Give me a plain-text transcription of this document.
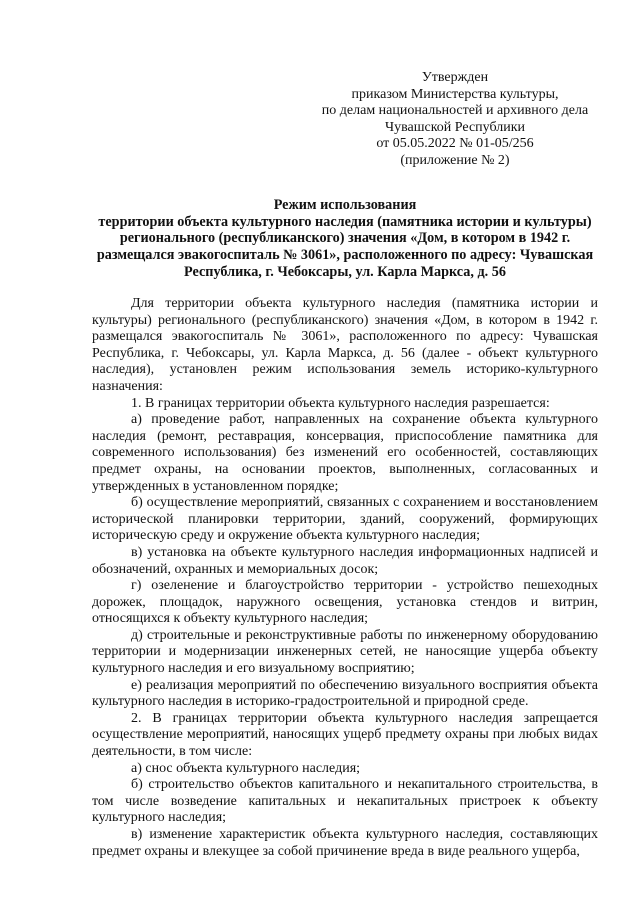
Утвержден
приказом Министерства культуры,
по делам национальностей и архивного дела
Чувашской Республики
от 05.05.2022 № 01-05/256
(приложение № 2)
Режим использования
территории объекта культурного наследия (памятника истории и культуры)
регионального (республиканского) значения «Дом, в котором в 1942 г.
размещался эвакогоспиталь № 3061», расположенного по адресу: Чувашская
Республика, г. Чебоксары, ул. Карла Маркса, д. 56

Для территории объекта культурного наследия (памятника истории и культуры) регионального (республиканского) значения «Дом, в котором в 1942 г. размещался эвакогоспиталь № 3061», расположенного по адресу: Чувашская Республика, г. Чебоксары, ул. Карла Маркса, д. 56 (далее - объект культурного наследия), установлен режим использования земель историко-культурного назначения:

1. В границах территории объекта культурного наследия разрешается:

а) проведение работ, направленных на сохранение объекта культурного наследия (ремонт, реставрация, консервация, приспособление памятника для современного использования) без изменений его особенностей, составляющих предмет охраны, на основании проектов, выполненных, согласованных и утвержденных в установленном порядке;

б) осуществление мероприятий, связанных с сохранением и восстановлением исторической планировки территории, зданий, сооружений, формирующих историческую среду и окружение объекта культурного наследия;

в) установка на объекте культурного наследия информационных надписей и обозначений, охранных и мемориальных досок;

г) озеленение и благоустройство территории - устройство пешеходных дорожек, площадок, наружного освещения, установка стендов и витрин, относящихся к объекту культурного наследия;

д) строительные и реконструктивные работы по инженерному оборудованию территории и модернизации инженерных сетей, не наносящие ущерба объекту культурного наследия и его визуальному восприятию;

е) реализация мероприятий по обеспечению визуального восприятия объекта культурного наследия в историко-градостроительной и природной среде.

2. В границах территории объекта культурного наследия запрещается осуществление мероприятий, наносящих ущерб предмету охраны при любых видах деятельности, в том числе:

а) снос объекта культурного наследия;

б) строительство объектов капитального и некапитального строительства, в том числе возведение капитальных и некапитальных пристроек к объекту культурного наследия;

в) изменение характеристик объекта культурного наследия, составляющих предмет охраны и влекущее за собой причинение вреда в виде реального ущерба,
